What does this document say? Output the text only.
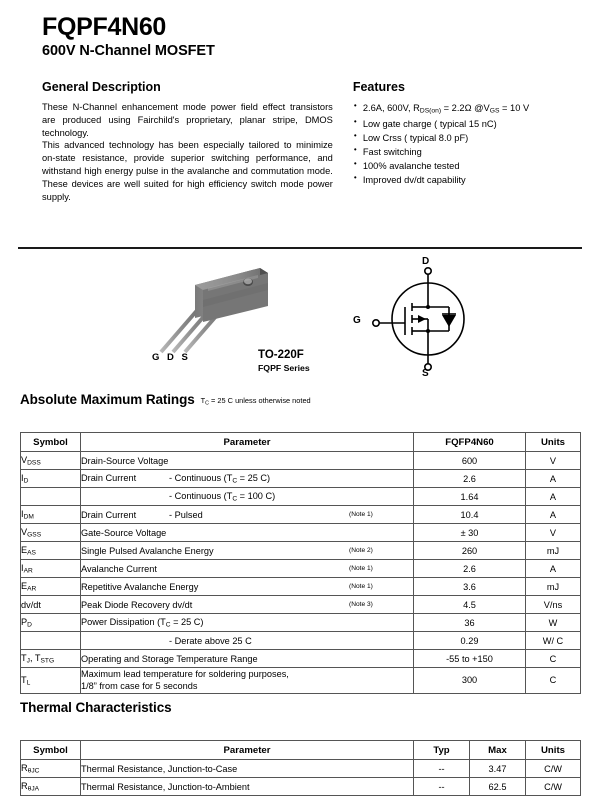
FQPF4N60
600V N-Channel MOSFET
General Description

These N-Channel enhancement mode power field effect transistors are produced using Fairchild's proprietary, planar stripe, DMOS technology.

This advanced technology has been especially tailored to minimize on-state resistance, provide superior switching performance, and withstand high energy pulse in the avalanche and commutation mode. These devices are well suited for high efficiency switch mode power supply.

Features
• 2.6A, 600V, $R_{DS(on)} = 2.2\Omega$ $@V_{GS} = 10$ V
• Low gate charge ( typical 15 nC)
• Low Crss ( typical 8.0 pF)
• Fast switching
• 100% avalanche tested
• Improved dv/dt capability
G D S	TO-220F
FQPF Series
D
G
S
Absolute Maximum Ratings $T_C = 25$ C unless otherwise noted
Symbol	Parameter	FQFP4N60	Units
$V_{DSS}$	Drain-Source Voltage	600	V
$I_D$	Drain Current - Continuous ($T_C = 25$ C)	2.6	A

	- Continuous ($T_C = 100$ C)	1.64	A
$I_{DM}$	Drain Current - Pulsed (Note 1)	10.4	A
$V_{GSS}$	Gate-Source Voltage	± 30	V
$E_{AS}$	Single Pulsed Avalanche Energy (Note 2)	260	mJ
$I_{AR}$	Avalanche Current (Note 1)	2.6	A
$E_{AR}$	Repetitive Avalanche Energy (Note 1)	3.6	mJ
dv/dt	Peak Diode Recovery dv/dt (Note 3)	4.5	V/ns
$P_D$	Power Dissipation ($T_C = 25$ C)	36	W

	- Derate above 25 C	0.29	W/ C
$T_J$, $T_{STG}$	Operating and Storage Temperature Range	-55 to +150	C
$T_L$	Maximum lead temperature for soldering purposes,
1/8” from case for 5 seconds	300	C
Thermal Characteristics
Symbol	Parameter	Typ	Max	Units
$R_{\theta JC}$	Thermal Resistance, Junction-to-Case	--	3.47	C/W
$R_{\theta JA}$	Thermal Resistance, Junction-to-Ambient	--	62.5	C/W
